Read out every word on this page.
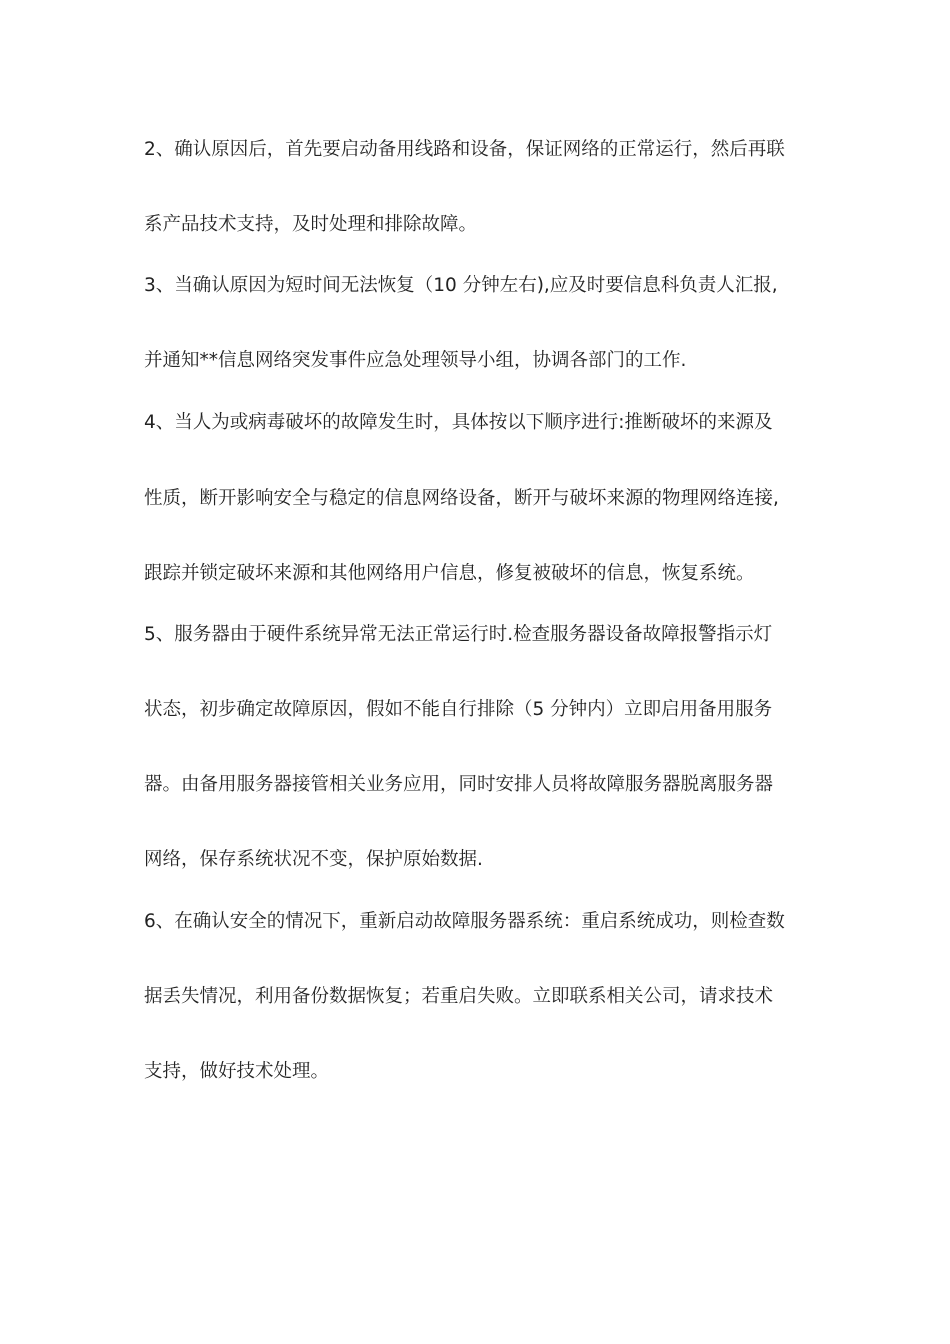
2、确认原因后，首先要启动备用线路和设备，保证网络的正常运行，然后再联
系产品技术支持，及时处理和排除故障。
3、当确认原因为短时间无法恢复（10 分钟左右),应及时要信息科负责人汇报,
并通知**信息网络突发事件应急处理领导小组，协调各部门的工作.
4、当人为或病毒破坏的故障发生时，具体按以下顺序进行:推断破坏的来源及
性质，断开影响安全与稳定的信息网络设备，断开与破坏来源的物理网络连接,
跟踪并锁定破坏来源和其他网络用户信息，修复被破坏的信息，恢复系统。
5、服务器由于硬件系统异常无法正常运行时.检查服务器设备故障报警指示灯
状态，初步确定故障原因，假如不能自行排除（5 分钟内）立即启用备用服务
器。由备用服务器接管相关业务应用，同时安排人员将故障服务器脱离服务器
网络，保存系统状况不变，保护原始数据.
6、在确认安全的情况下，重新启动故障服务器系统：重启系统成功，则检查数
据丢失情况，利用备份数据恢复；若重启失败。立即联系相关公司，请求技术
支持，做好技术处理。
